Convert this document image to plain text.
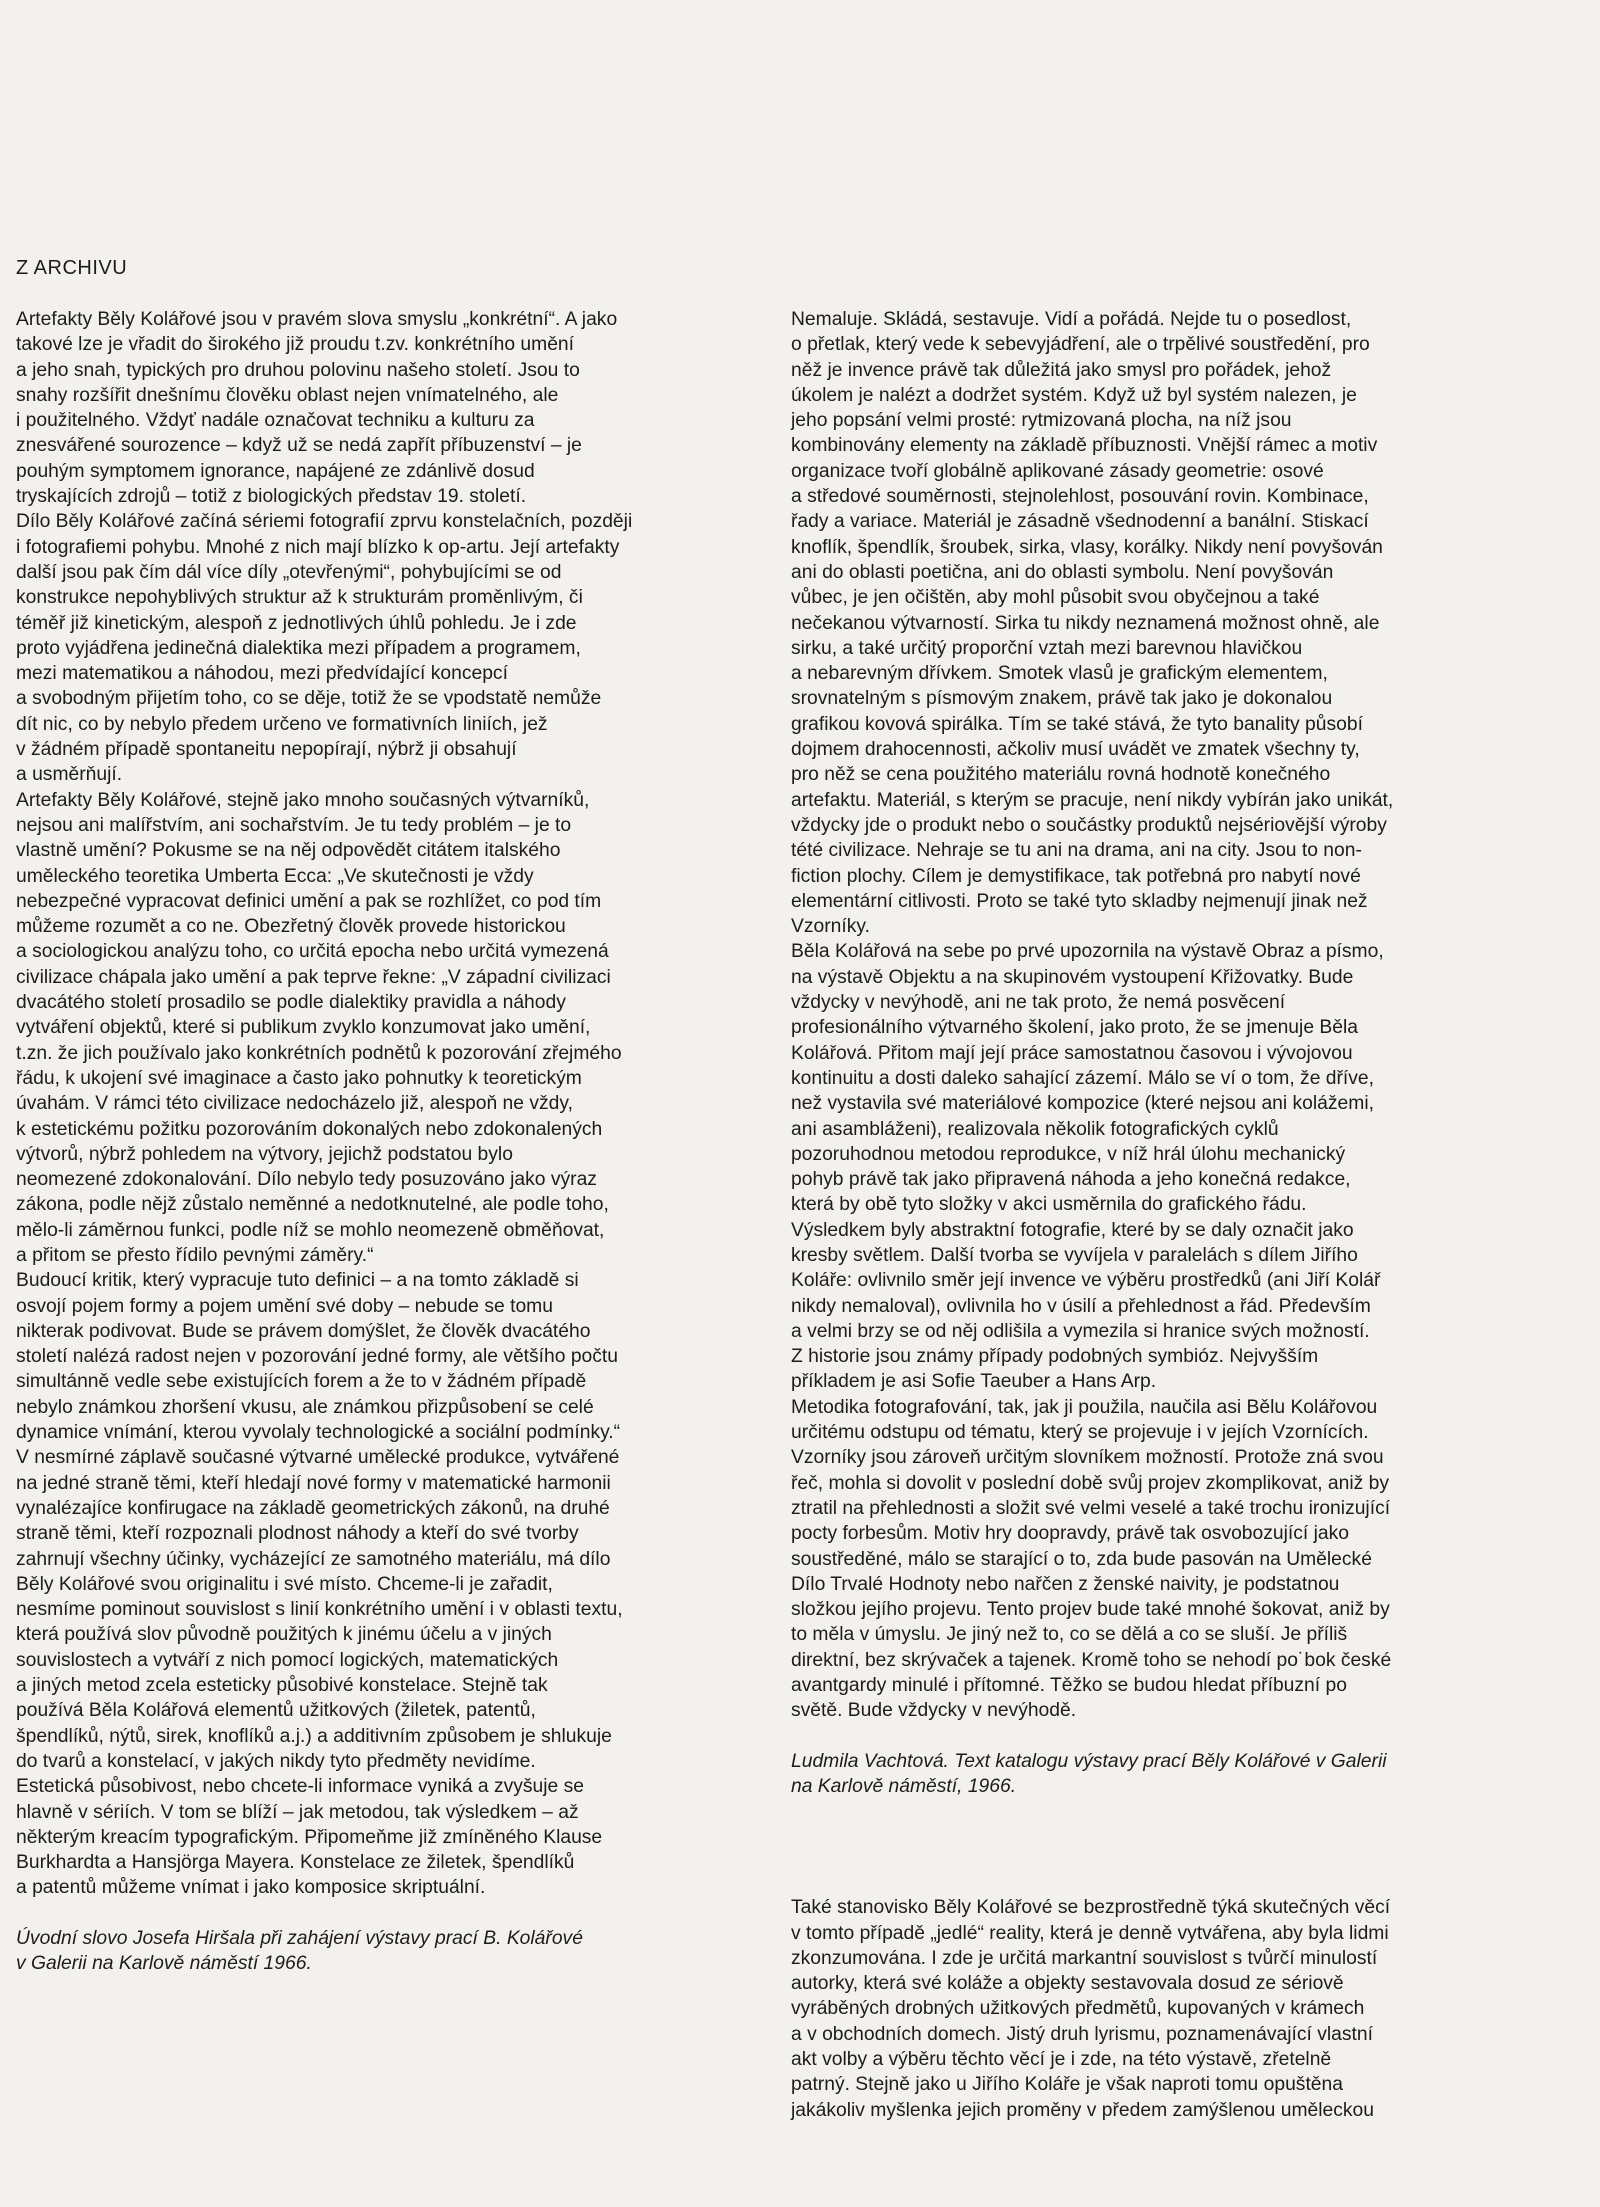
Z ARCHIVU
Artefakty Běly Kolářové jsou v pravém slova smyslu „konkrétní“. A jako
takové lze je vřadit do širokého již proudu t.zv. konkrétního umění
a jeho snah, typických pro druhou polovinu našeho století. Jsou to
snahy rozšířit dnešnímu člověku oblast nejen vnímatelného, ale
i použitelného. Vždyť nadále označovat techniku a kulturu za
znesvářené sourozence – když už se nedá zapřít příbuzenství – je
pouhým symptomem ignorance, napájené ze zdánlivě dosud
tryskajících zdrojů – totiž z biologických představ 19. století.
Dílo Běly Kolářové začíná sériemi fotografií zprvu konstelačních, později
i fotografiemi pohybu. Mnohé z nich mají blízko k op-artu. Její artefakty
další jsou pak čím dál více díly „otevřenými“, pohybujícími se od
konstrukce nepohyblivých struktur až k strukturám proměnlivým, či
téměř již kinetickým, alespoň z jednotlivých úhlů pohledu. Je i zde
proto vyjádřena jedinečná dialektika mezi případem a programem,
mezi matematikou a náhodou, mezi předvídající koncepcí
a svobodným přijetím toho, co se děje, totiž že se vpodstatě nemůže
dít nic, co by nebylo předem určeno ve formativních liniích, jež
v žádném případě spontaneitu nepopírají, nýbrž ji obsahují
a usměrňují.
Artefakty Běly Kolářové, stejně jako mnoho současných výtvarníků,
nejsou ani malířstvím, ani sochařstvím. Je tu tedy problém – je to
vlastně umění? Pokusme se na něj odpovědět citátem italského
uměleckého teoretika Umberta Ecca: „Ve skutečnosti je vždy
nebezpečné vypracovat definici umění a pak se rozhlížet, co pod tím
můžeme rozumět a co ne. Obezřetný člověk provede historickou
a sociologickou analýzu toho, co určitá epocha nebo určitá vymezená
civilizace chápala jako umění a pak teprve řekne: „V západní civilizaci
dvacátého století prosadilo se podle dialektiky pravidla a náhody
vytváření objektů, které si publikum zvyklo konzumovat jako umění,
t.zn. že jich používalo jako konkrétních podnětů k pozorování zřejmého
řádu, k ukojení své imaginace a často jako pohnutky k teoretickým
úvahám. V rámci této civilizace nedocházelo již, alespoň ne vždy,
k estetickému požitku pozorováním dokonalých nebo zdokonalených
výtvorů, nýbrž pohledem na výtvory, jejichž podstatou bylo
neomezené zdokonalování. Dílo nebylo tedy posuzováno jako výraz
zákona, podle nějž zůstalo neměnné a nedotknutelné, ale podle toho,
mělo-li záměrnou funkci, podle níž se mohlo neomezeně obměňovat,
a přitom se přesto řídilo pevnými záměry.“
Budoucí kritik, který vypracuje tuto definici – a na tomto základě si
osvojí pojem formy a pojem umění své doby – nebude se tomu
nikterak podivovat. Bude se právem domýšlet, že člověk dvacátého
století nalézá radost nejen v pozorování jedné formy, ale většího počtu
simultánně vedle sebe existujících forem a že to v žádném případě
nebylo známkou zhoršení vkusu, ale známkou přizpůsobení se celé
dynamice vnímání, kterou vyvolaly technologické a sociální podmínky.“
V nesmírné záplavě současné výtvarné umělecké produkce, vytvářené
na jedné straně těmi, kteří hledají nové formy v matematické harmonii
vynalézajíce konfirugace na základě geometrických zákonů, na druhé
straně těmi, kteří rozpoznali plodnost náhody a kteří do své tvorby
zahrnují všechny účinky, vycházející ze samotného materiálu, má dílo
Běly Kolářové svou originalitu i své místo. Chceme-li je zařadit,
nesmíme pominout souvislost s linií konkrétního umění i v oblasti textu,
která používá slov původně použitých k jinému účelu a v jiných
souvislostech a vytváří z nich pomocí logických, matematických
a jiných metod zcela esteticky působivé konstelace. Stejně tak
používá Běla Kolářová elementů užitkových (žiletek, patentů,
špendlíků, nýtů, sirek, knoflíků a.j.) a additivním způsobem je shlukuje
do tvarů a konstelací, v jakých nikdy tyto předměty nevidíme.
Estetická působivost, nebo chcete-li informace vyniká a zvyšuje se
hlavně v sériích. V tom se blíží – jak metodou, tak výsledkem – až
některým kreacím typografickým. Připomeňme již zmíněného Klause
Burkhardta a Hansjörga Mayera. Konstelace ze žiletek, špendlíků
a patentů můžeme vnímat i jako komposice skriptuální.
Úvodní slovo Josefa Hiršala při zahájení výstavy prací B. Kolářové
v Galerii na Karlově náměstí 1966.
Nemaluje. Skládá, sestavuje. Vidí a pořádá. Nejde tu o posedlost,
o přetlak, který vede k sebevyjádření, ale o trpělivé soustředění, pro
něž je invence právě tak důležitá jako smysl pro pořádek, jehož
úkolem je nalézt a dodržet systém. Když už byl systém nalezen, je
jeho popsání velmi prosté: rytmizovaná plocha, na níž jsou
kombinovány elementy na základě příbuznosti. Vnější rámec a motiv
organizace tvoří globálně aplikované zásady geometrie: osové
a středové souměrnosti, stejnolehlost, posouvání rovin. Kombinace,
řady a variace. Materiál je zásadně všednodenní a banální. Stiskací
knoflík, špendlík, šroubek, sirka, vlasy, korálky. Nikdy není povyšován
ani do oblasti poetična, ani do oblasti symbolu. Není povyšován
vůbec, je jen očištěn, aby mohl působit svou obyčejnou a také
nečekanou výtvarností. Sirka tu nikdy neznamená možnost ohně, ale
sirku, a také určitý proporční vztah mezi barevnou hlavičkou
a nebarevným dřívkem. Smotek vlasů je grafickým elementem,
srovnatelným s písmovým znakem, právě tak jako je dokonalou
grafikou kovová spirálka. Tím se také stává, že tyto banality působí
dojmem drahocennosti, ačkoliv musí uvádět ve zmatek všechny ty,
pro něž se cena použitého materiálu rovná hodnotě konečného
artefaktu. Materiál, s kterým se pracuje, není nikdy vybírán jako unikát,
vždycky jde o produkt nebo o součástky produktů nejsériovější výroby
tété civilizace. Nehraje se tu ani na drama, ani na city. Jsou to non-
fiction plochy. Cílem je demystifikace, tak potřebná pro nabytí nové
elementární citlivosti. Proto se také tyto skladby nejmenují jinak než
Vzorníky.
Běla Kolářová na sebe po prvé upozornila na výstavě Obraz a písmo,
na výstavě Objektu a na skupinovém vystoupení Křižovatky. Bude
vždycky v nevýhodě, ani ne tak proto, že nemá posvěcení
profesionálního výtvarného školení, jako proto, že se jmenuje Běla
Kolářová. Přitom mají její práce samostatnou časovou i vývojovou
kontinuitu a dosti daleko sahající zázemí. Málo se ví o tom, že dříve,
než vystavila své materiálové kompozice (které nejsou ani kolážemi,
ani asambláženi), realizovala několik fotografických cyklů
pozoruhodnou metodou reprodukce, v níž hrál úlohu mechanický
pohyb právě tak jako připravená náhoda a jeho konečná redakce,
která by obě tyto složky v akci usměrnila do grafického řádu.
Výsledkem byly abstraktní fotografie, které by se daly označit jako
kresby světlem. Další tvorba se vyvíjela v paralelách s dílem Jiřího
Koláře: ovlivnilo směr její invence ve výběru prostředků (ani Jiří Kolář
nikdy nemaloval), ovlivnila ho v úsilí a přehlednost a řád. Především
a velmi brzy se od něj odlišila a vymezila si hranice svých možností.
Z historie jsou známy případy podobných symbióz. Nejvyšším
příkladem je asi Sofie Taeuber a Hans Arp.
Metodika fotografování, tak, jak ji použila, naučila asi Bělu Kolářovou
určitému odstupu od tématu, který se projevuje i v jejích Vzornících.
Vzorníky jsou zároveň určitým slovníkem možností. Protože zná svou
řeč, mohla si dovolit v poslední době svůj projev zkomplikovat, aniž by
ztratil na přehlednosti a složit své velmi veselé a také trochu ironizující
pocty forbesům. Motiv hry doopravdy, právě tak osvobozující jako
soustředěné, málo se starající o to, zda bude pasován na Umělecké
Dílo Trvalé Hodnoty nebo nařčen z ženské naivity, je podstatnou
složkou jejího projevu. Tento projev bude také mnohé šokovat, aniž by
to měla v úmyslu. Je jiný než to, co se dělá a co se sluší. Je příliš
direktní, bez skrývaček a tajenek. Kromě toho se nehodí po˙bok české
avantgardy minulé i přítomné. Těžko se budou hledat příbuzní po
světě. Bude vždycky v nevýhodě.
Ludmila Vachtová. Text katalogu výstavy prací Běly Kolářové v Galerii
na Karlově náměstí, 1966.
Také stanovisko Běly Kolářové se bezprostředně týká skutečných věcí
v tomto případě „jedlé“ reality, která je denně vytvářena, aby byla lidmi
zkonzumována. I zde je určitá markantní souvislost s tvůrčí minulostí
autorky, která své koláže a objekty sestavovala dosud ze sériově
vyráběných drobných užitkových předmětů, kupovaných v krámech
a v obchodních domech. Jistý druh lyrismu, poznamenávající vlastní
akt volby a výběru těchto věcí je i zde, na této výstavě, zřetelně
patrný. Stejně jako u Jiřího Koláře je však naproti tomu opuštěna
jakákoliv myšlenka jejich proměny v předem zamýšlenou uměleckou
